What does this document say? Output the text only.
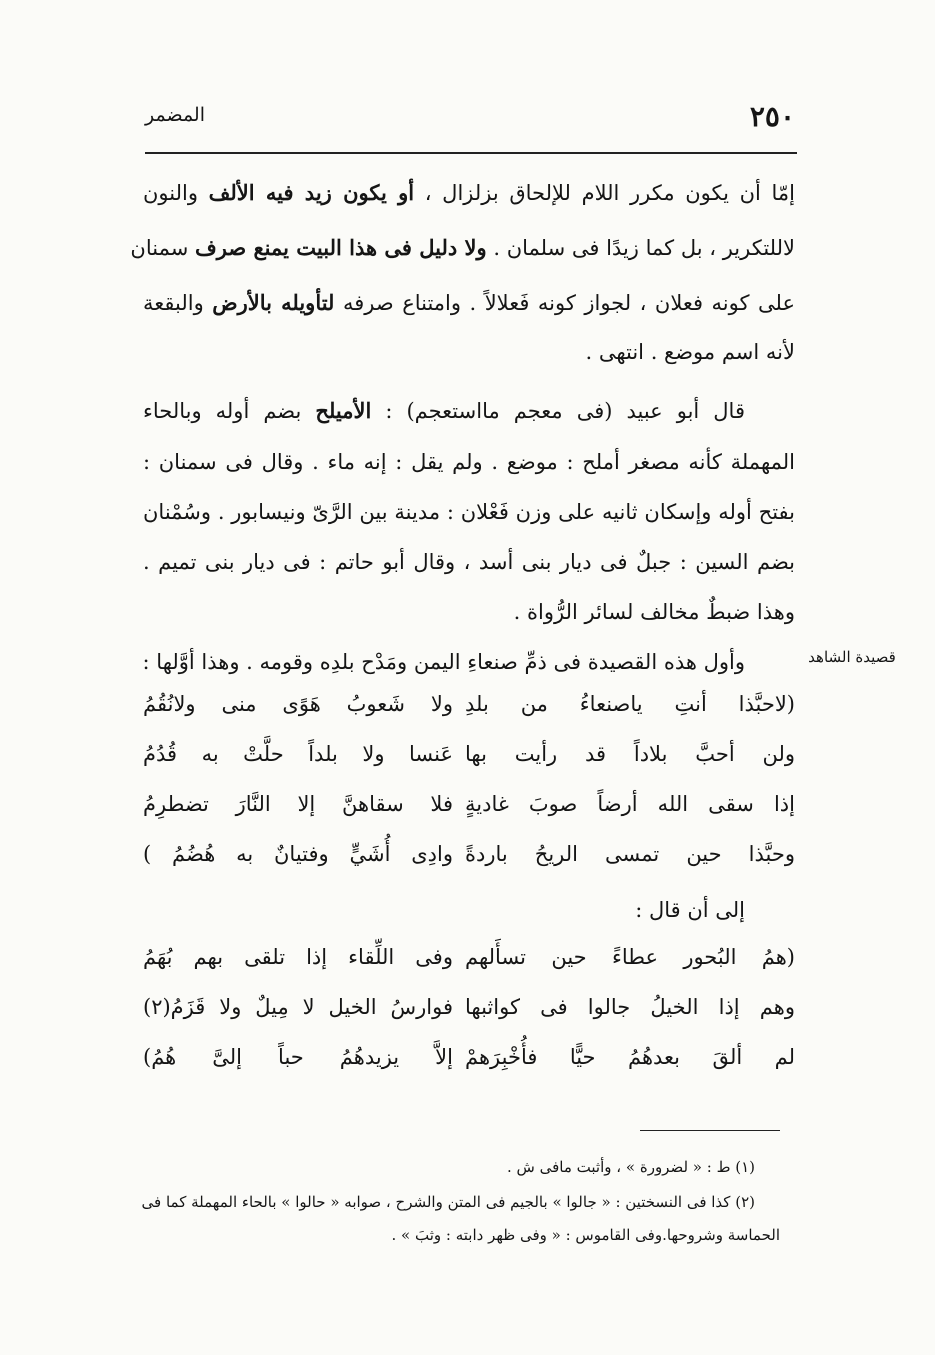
٢٥٠
المضمر
قصيدة الشاهد
إمّا أن يكون مكرر اللام للإلحاق بزلزال ، أو يكون زيد فيه الألف والنون
لاللتكرير ، بل كما زيدًا فى سلمان . ولا دليل فى هذا البيت يمنع صرف سمنان
على كونه فعلان ، لجواز كونه فَعلالاً . وامتناع صرفه لتأويله بالأرض والبقعة
لأنه اسم موضع . انتهى .
قال أبو عبيد (فى معجم مااستعجم) : الأميلح بضم أوله وبالحاء
المهملة كأنه مصغر أملح : موضع . ولم يقل : إنه ماء . وقال فى سمنان :
بفتح أوله وإسكان ثانيه على وزن فَعْلان : مدينة بين الرَّىّ ونيسابور . وسُمْنان
بضم السين : جبلٌ فى ديار بنى أسد ، وقال أبو حاتم : فى ديار بنى تميم .
وهذا ضبطٌ مخالف لسائر الرُّواة .
وأول هذه القصيدة فى ذمِّ صنعاءِ اليمن ومَدْح بلدِه وقومه . وهذا أوَّلها :
(لاحبَّذا أنتِ ياصنعاءُ من بلدِ
ولا شَعوبُ هَوًى منى ولانُقُمُ
ولن أحبَّ بلاداً قد رأيت بها
عَنسا ولا بلداً حلَّتْ به قُدُمُ
إذا سقى الله أرضاً صوبَ غاديةٍ
فلا سقاهنَّ إلا النَّارَ تضطرِمُ
وحبَّذا حين تمسى الريحُ باردةً
وادِى أُشَيٍّ وفتيانٌ به هُضُمُ )
إلى أن قال :
(همُ البُحور عطاءً حين تسأَلهم
وفى اللِّقاء إذا تلقى بهم بُهَمُ
وهم إذا الخيلُ جالوا فى كواثبها
فوارسُ الخيل لا مِيلٌ ولا قَزَمُ(٢)
لم ألقَ بعدهُمُ حيًّا فأُخْبِرَهمْ
إلاَّ يزيدهُمُ حباً إلىَّ هُمُ)
(١) ط : « لضرورة » ، وأثبت مافى ش .
(٢) كذا فى النسختين : « جالوا » بالجيم فى المتن والشرح ، صوابه « حالوا » بالحاء المهملة كما فى
الحماسة وشروحها.وفى القاموس : « وفى ظهر دابته : وثبَ » .
